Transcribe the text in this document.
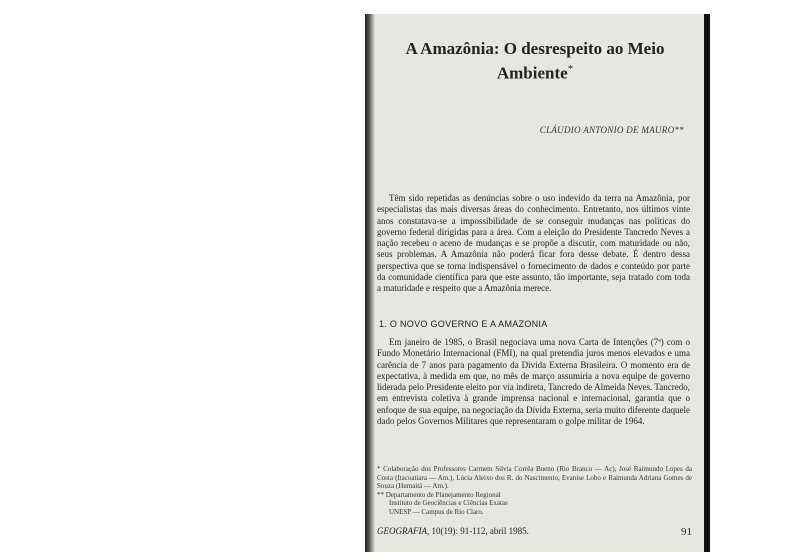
A Amazônia: O desrespeito ao Meio Ambiente*
CLÁUDIO ANTONIO DE MAURO**

Têm sido repetidas as denúncias sobre o uso indevido da terra na Amazônia, por especialistas das mais diversas áreas do conhecimento. Entretanto, nos últimos vinte anos constatava-se a impossibilidade de se conseguir mudanças nas políticas do governo federal dirigidas para a área. Com a eleição do Presidente Tancredo Neves a nação recebeu o aceno de mudanças e se propõe a discutir, com maturidade ou não, seus problemas. A Amazônia não poderá ficar fora desse debate. É dentro dessa perspectiva que se torna indispensável o fornecimento de dados e conteúdo por parte da comunidade científica para que este assunto, tão importante, seja tratado com toda a maturidade e respeito que a Amazônia merece.

1. O NOVO GOVERNO E A AMAZONIA

Em janeiro de 1985, o Brasil negociava uma nova Carta de Intenções (7ª) com o Fundo Monetário Internacional (FMI), na qual pretendia juros menos elevados e uma carência de 7 anos para pagamento da Dívida Externa Brasileira. O momento era de expectativa, à medida em que, no mês de março assumiria a nova equipe de governo liderada pelo Presidente eleito por via indireta, Tancredo de Almeida Neves. Tancredo, em entrevista coletiva à grande imprensa nacional e internacional, garantia que o enfoque de sua equipe, na negociação da Dívida Externa, seria muito diferente daquele dado pelos Governos Militares que representaram o golpe militar de 1964.

* Colaboração dos Professores Carmem Silvia Corrêa Bueno (Rio Branco — Ac), José Raimundo Lopes da Costa (Itacoatiara — Am.), Lúcia Aleixo dos R. do Nascimento, Evanise Lobo e Raimunda Adriana Gomes de Souza (Humaitá — Am.).

** Departamento de Planejamento Regional

Instituto de Geociências e Ciências Exatas

UNESP — Campus de Rio Claro.

GEOGRAFIA, 10(19): 91-112, abril 1985.	91
